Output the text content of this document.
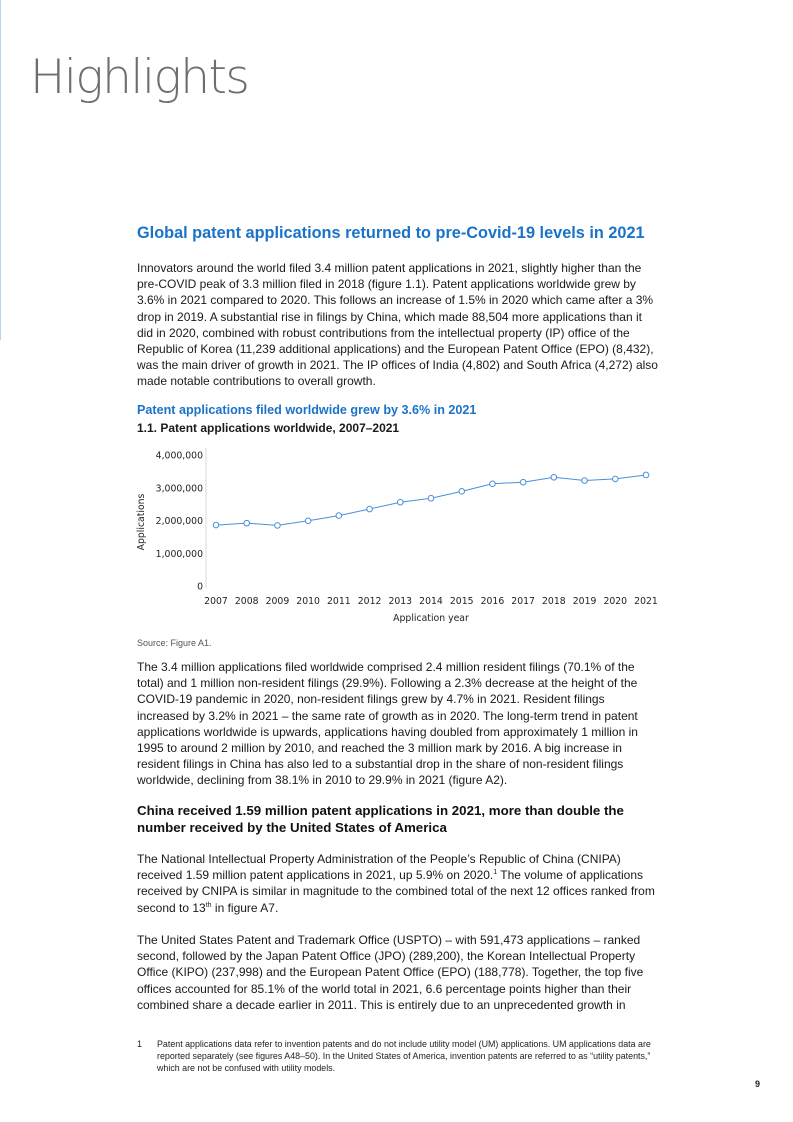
Highlights
Global patent applications returned to pre-Covid-19 levels in 2021

Innovators around the world filed 3.4 million patent applications in 2021, slightly higher than the pre-COVID peak of 3.3 million filed in 2018 (figure 1.1). Patent applications worldwide grew by 3.6% in 2021 compared to 2020. This follows an increase of 1.5% in 2020 which came after a 3% drop in 2019. A substantial rise in filings by China, which made 88,504 more applications than it did in 2020, combined with robust contributions from the intellectual property (IP) office of the Republic of Korea (11,239 additional applications) and the European Patent Office (EPO) (8,432), was the main driver of growth in 2021. The IP offices of India (4,802) and South Africa (4,272) also made notable contributions to overall growth.

Patent applications filed worldwide grew by 3.6% in 2021

1.1. Patent applications worldwide, 2007–2021

0
1,000,000
2,000,000
3,000,000
4,000,000
2007 2008 2009 2010 2011 2012 2013 2014 2015 2016 2017 2018 2019 2020 2021
Application year
Applications

Source: Figure A1.

The 3.4 million applications filed worldwide comprised 2.4 million resident filings (70.1% of the total) and 1 million non-resident filings (29.9%). Following a 2.3% decrease at the height of the COVID-19 pandemic in 2020, non-resident filings grew by 4.7% in 2021. Resident filings increased by 3.2% in 2021 – the same rate of growth as in 2020. The long-term trend in patent applications worldwide is upwards, applications having doubled from approximately 1 million in 1995 to around 2 million by 2010, and reached the 3 million mark by 2016. A big increase in resident filings in China has also led to a substantial drop in the share of non-resident filings worldwide, declining from 38.1% in 2010 to 29.9% in 2021 (figure A2).

China received 1.59 million patent applications in 2021, more than double the number received by the United States of America

The National Intellectual Property Administration of the People’s Republic of China (CNIPA) received 1.59 million patent applications in 2021, up 5.9% on 2020.$^1$ The volume of applications received by CNIPA is similar in magnitude to the combined total of the next 12 offices ranked from second to 13th in figure A7.

The United States Patent and Trademark Office (USPTO) – with 591,473 applications – ranked second, followed by the Japan Patent Office (JPO) (289,200), the Korean Intellectual Property Office (KIPO) (237,998) and the European Patent Office (EPO) (188,778). Together, the top five offices accounted for 85.1% of the world total in 2021, 6.6 percentage points higher than their combined share a decade earlier in 2011. This is entirely due to an unprecedented growth in

1 Patent applications data refer to invention patents and do not include utility model (UM) applications. UM applications data are reported separately (see figures A48–50). In the United States of America, invention patents are referred to as “utility patents,” which are not be confused with utility models.

9
